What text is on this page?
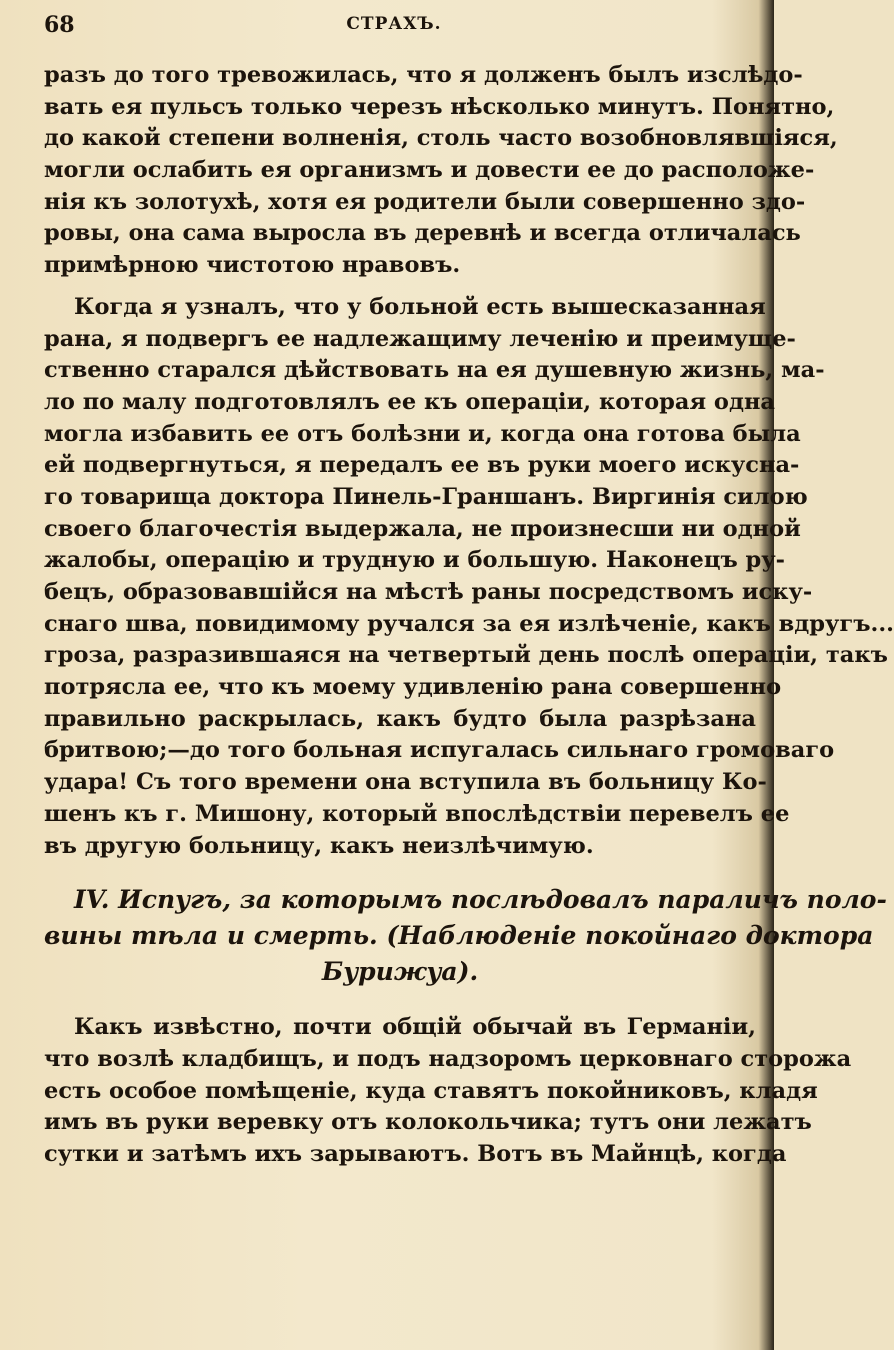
68	СТРАХЪ.
разъ до того тревожилась, что я долженъ былъ изслѣдо-
вать ея пульсъ только черезъ нѣсколько минутъ. Понятно,
до какой степени волненія, столь часто возобновлявшіяся,
могли ослабить ея организмъ и довести ее до расположе-
нія къ золотухѣ, хотя ея родители были совершенно здо-
ровы, она сама выросла въ деревнѣ и всегда отличалась
примѣрною чистотою нравовъ.
Когда я узналъ, что у больной есть вышесказанная
рана, я подвергъ ее надлежащиму леченію и преимуще-
ственно старался дѣйствовать на ея душевную жизнь, ма-
ло по малу подготовлялъ ее къ операціи, которая одна
могла избавить ее отъ болѣзни и, когда она готова была
ей подвергнуться, я передалъ ее въ руки моего искусна-
го товарища доктора Пинель-Граншанъ. Виргинія силою
своего благочестія выдержала, не произнесши ни одной
жалобы, операцію и трудную и большую. Наконецъ ру-
бецъ, образовавшійся на мѣстѣ раны посредствомъ иску-
снаго шва, повидимому ручался за ея излѣченіе, какъ вдругъ...
гроза, разразившаяся на четвертый день послѣ операціи, такъ
потрясла ее, что къ моему удивленію рана совершенно
правильно раскрылась, какъ будто была разрѣзана
бритвою;—до того больная испугалась сильнаго громоваго
удара! Съ того времени она вступила въ больницу Ко-
шенъ къ г. Мишону, который впослѣдствіи перевелъ ее
въ другую больницу, какъ неизлѣчимую.
IV. Испугъ, за которымъ послѣдовалъ параличъ поло-
вины тѣла и смерть. (Наблюденіе покойнаго доктора
Бурижуа).
Какъ извѣстно, почти общій обычай въ Германіи,
что возлѣ кладбищъ, и подъ надзоромъ церковнаго сторожа
есть особое помѣщеніе, куда ставятъ покойниковъ, кладя
имъ въ руки веревку отъ колокольчика; тутъ они лежатъ
сутки и затѣмъ ихъ зарываютъ. Вотъ въ Майнцѣ, когда
